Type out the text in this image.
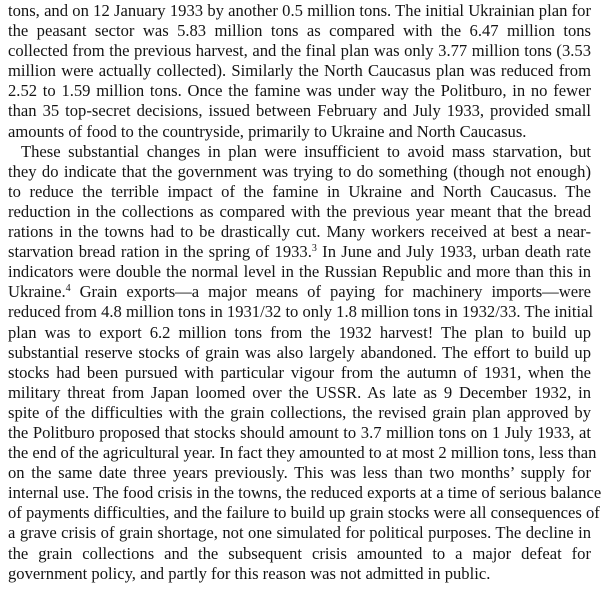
tons, and on 12 January 1933 by another 0.5 million tons. The initial Ukrainian plan for
the peasant sector was 5.83 million tons as compared with the 6.47 million tons
collected from the previous harvest, and the final plan was only 3.77 million tons (3.53
million were actually collected). Similarly the North Caucasus plan was reduced from
2.52 to 1.59 million tons. Once the famine was under way the Politburo, in no fewer
than 35 top-secret decisions, issued between February and July 1933, provided small
amounts of food to the countryside, primarily to Ukraine and North Caucasus.

These substantial changes in plan were insufficient to avoid mass starvation, but
they do indicate that the government was trying to do something (though not enough)
to reduce the terrible impact of the famine in Ukraine and North Caucasus. The
reduction in the collections as compared with the previous year meant that the bread
rations in the towns had to be drastically cut. Many workers received at best a near-
starvation bread ration in the spring of 1933.$^3$ In June and July 1933, urban death rate
indicators were double the normal level in the Russian Republic and more than this in
Ukraine.$^4$ Grain exports—a major means of paying for machinery imports—were
reduced from 4.8 million tons in 1931/32 to only 1.8 million tons in 1932/33. The initial
plan was to export 6.2 million tons from the 1932 harvest! The plan to build up
substantial reserve stocks of grain was also largely abandoned. The effort to build up
stocks had been pursued with particular vigour from the autumn of 1931, when the
military threat from Japan loomed over the USSR. As late as 9 December 1932, in
spite of the difficulties with the grain collections, the revised grain plan approved by
the Politburo proposed that stocks should amount to 3.7 million tons on 1 July 1933, at
the end of the agricultural year. In fact they amounted to at most 2 million tons, less than
on the same date three years previously. This was less than two months’ supply for
internal use. The food crisis in the towns, the reduced exports at a time of serious balance
of payments difficulties, and the failure to build up grain stocks were all consequences of
a grave crisis of grain shortage, not one simulated for political purposes. The decline in
the grain collections and the subsequent crisis amounted to a major defeat for
government policy, and partly for this reason was not admitted in public.
